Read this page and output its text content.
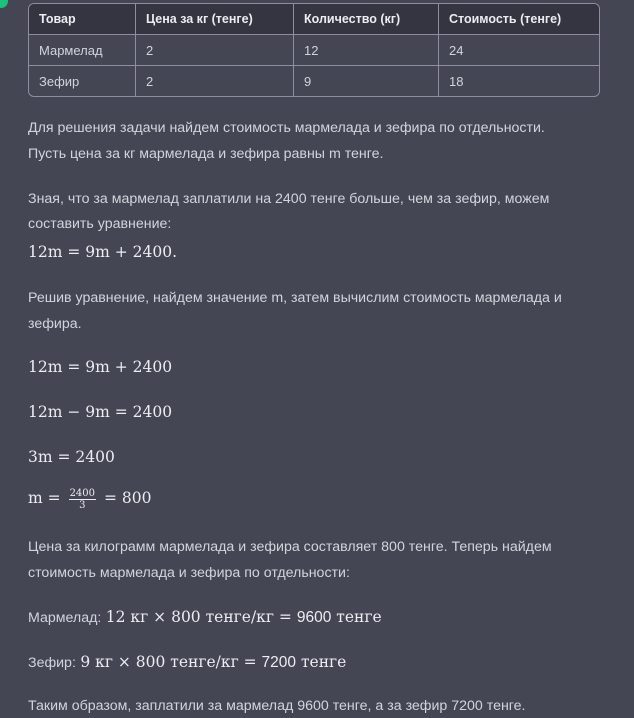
Товар	Цена за кг (тенге)	Количество (кг)	Стоимость (тенге)
Мармелад	2	12	24
Зефир	2	9	18

Для решения задачи найдем стоимость мармелада и зефира по отдельности.

Пусть цена за кг мармелада и зефира равны m тенге.

Зная, что за мармелад заплатили на 2400 тенге больше, чем за зефир, можем

составить уравнение:

12m = 9m + 2400.

Решив уравнение, найдем значение m, затем вычислим стоимость мармелада и

зефира.

12m = 9m + 2400

12m − 9m = 2400

3m = 2400

$m = \frac{2400}{3} = 800$

Цена за килограмм мармелада и зефира составляет 800 тенге. Теперь найдем

стоимость мармелада и зефира по отдельности:

Мармелад: 12 кг × 800 тенге/кг = 9600 тенге

Зефир: 9 кг × 800 тенге/кг = 7200 тенге

Таким образом, заплатили за мармелад 9600 тенге, а за зефир 7200 тенге.
